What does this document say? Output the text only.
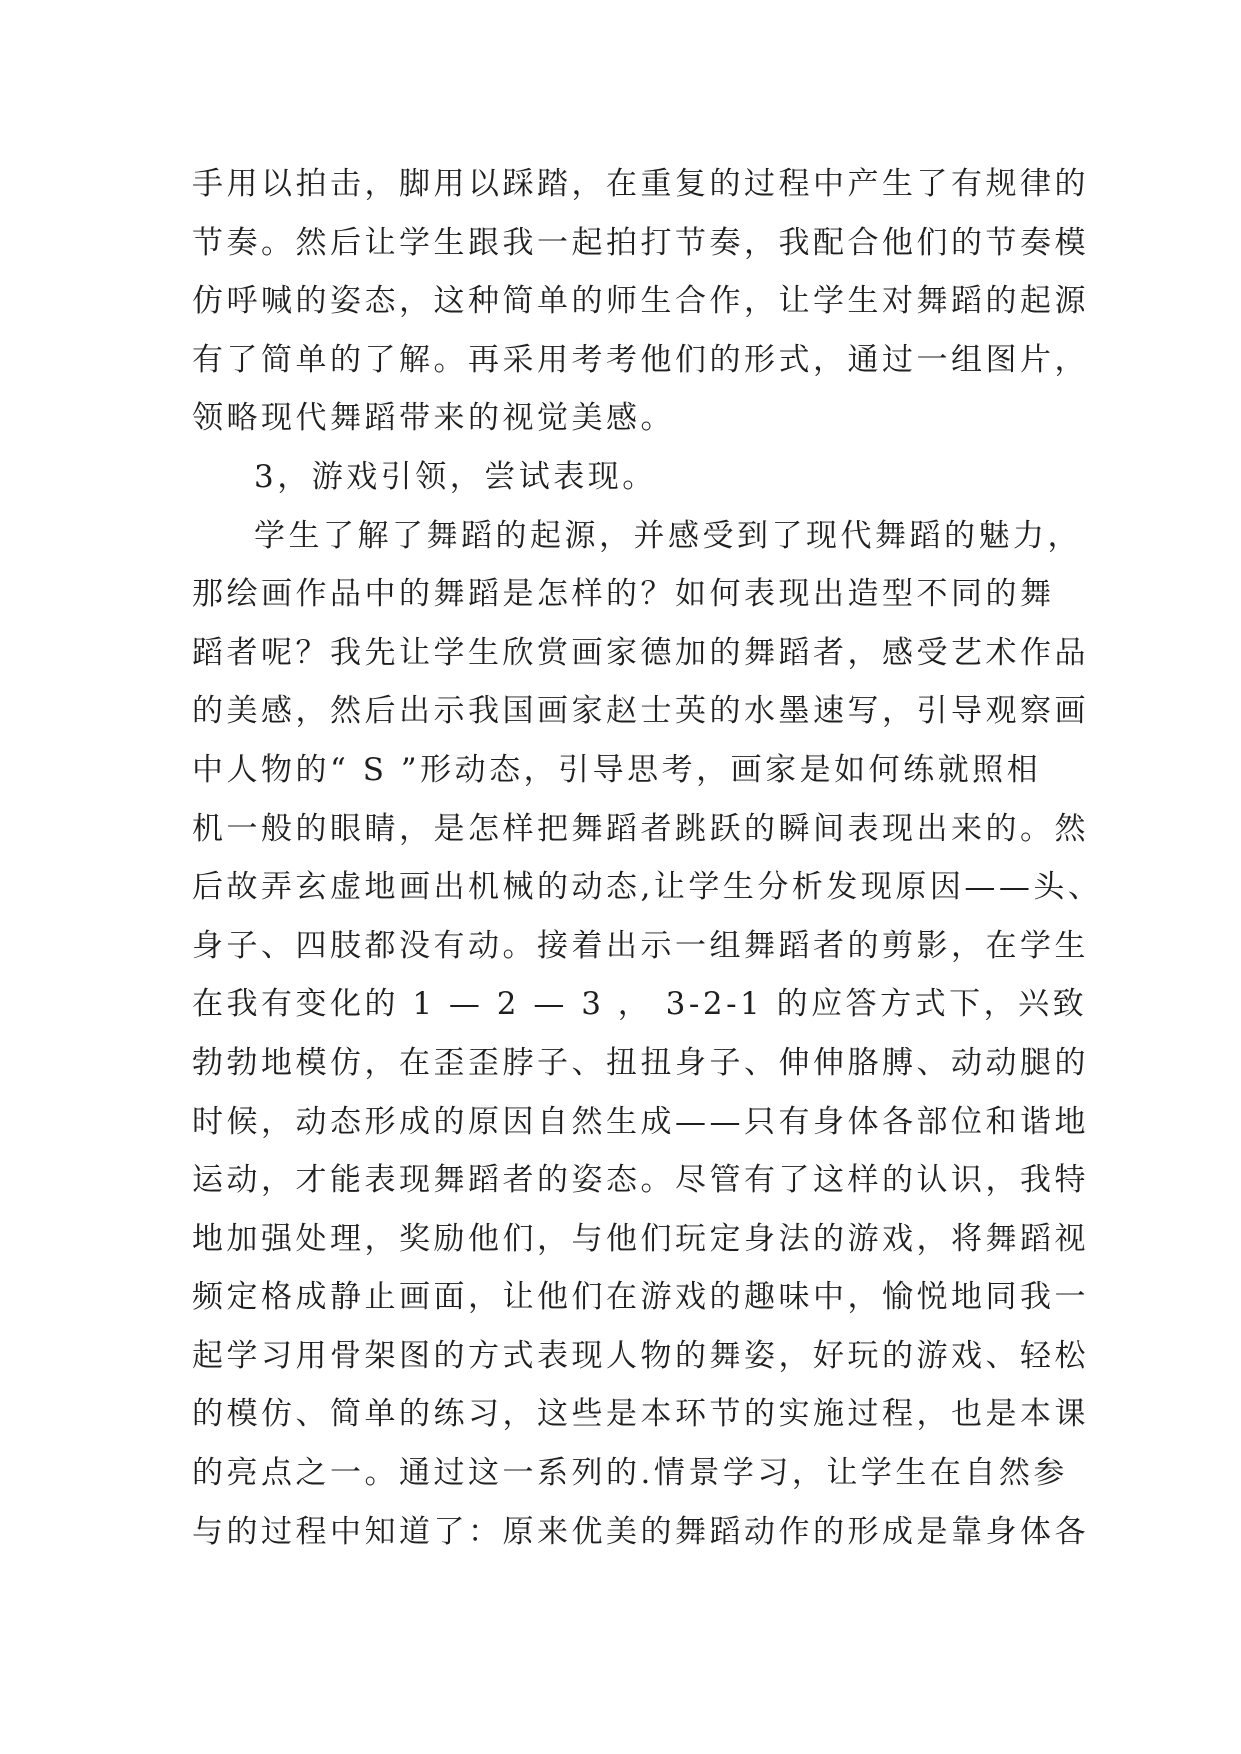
手用以拍击，脚用以踩踏，在重复的过程中产生了有规律的
节奏。然后让学生跟我一起拍打节奏，我配合他们的节奏模
仿呼喊的姿态，这种简单的师生合作，让学生对舞蹈的起源
有了简单的了解。再采用考考他们的形式，通过一组图片，
领略现代舞蹈带来的视觉美感。
3，游戏引领，尝试表现。
学生了解了舞蹈的起源，并感受到了现代舞蹈的魅力，
那绘画作品中的舞蹈是怎样的？如何表现出造型不同的舞
蹈者呢？我先让学生欣赏画家德加的舞蹈者，感受艺术作品
的美感，然后出示我国画家赵士英的水墨速写，引导观察画
中人物的“ S ”形动态，引导思考，画家是如何练就照相
机一般的眼睛，是怎样把舞蹈者跳跃的瞬间表现出来的。然
后故弄玄虚地画出机械的动态,让学生分析发现原因——头、
身子、四肢都没有动。接着出示一组舞蹈者的剪影，在学生
在我有变化的 1 — 2 — 3 ， 3-2-1 的应答方式下，兴致
勃勃地模仿，在歪歪脖子、扭扭身子、伸伸胳膊、动动腿的
时候，动态形成的原因自然生成——只有身体各部位和谐地
运动，才能表现舞蹈者的姿态。尽管有了这样的认识，我特
地加强处理，奖励他们，与他们玩定身法的游戏，将舞蹈视
频定格成静止画面，让他们在游戏的趣味中，愉悦地同我一
起学习用骨架图的方式表现人物的舞姿，好玩的游戏、轻松
的模仿、简单的练习，这些是本环节的实施过程，也是本课
的亮点之一。通过这一系列的.情景学习，让学生在自然参
与的过程中知道了：原来优美的舞蹈动作的形成是靠身体各
